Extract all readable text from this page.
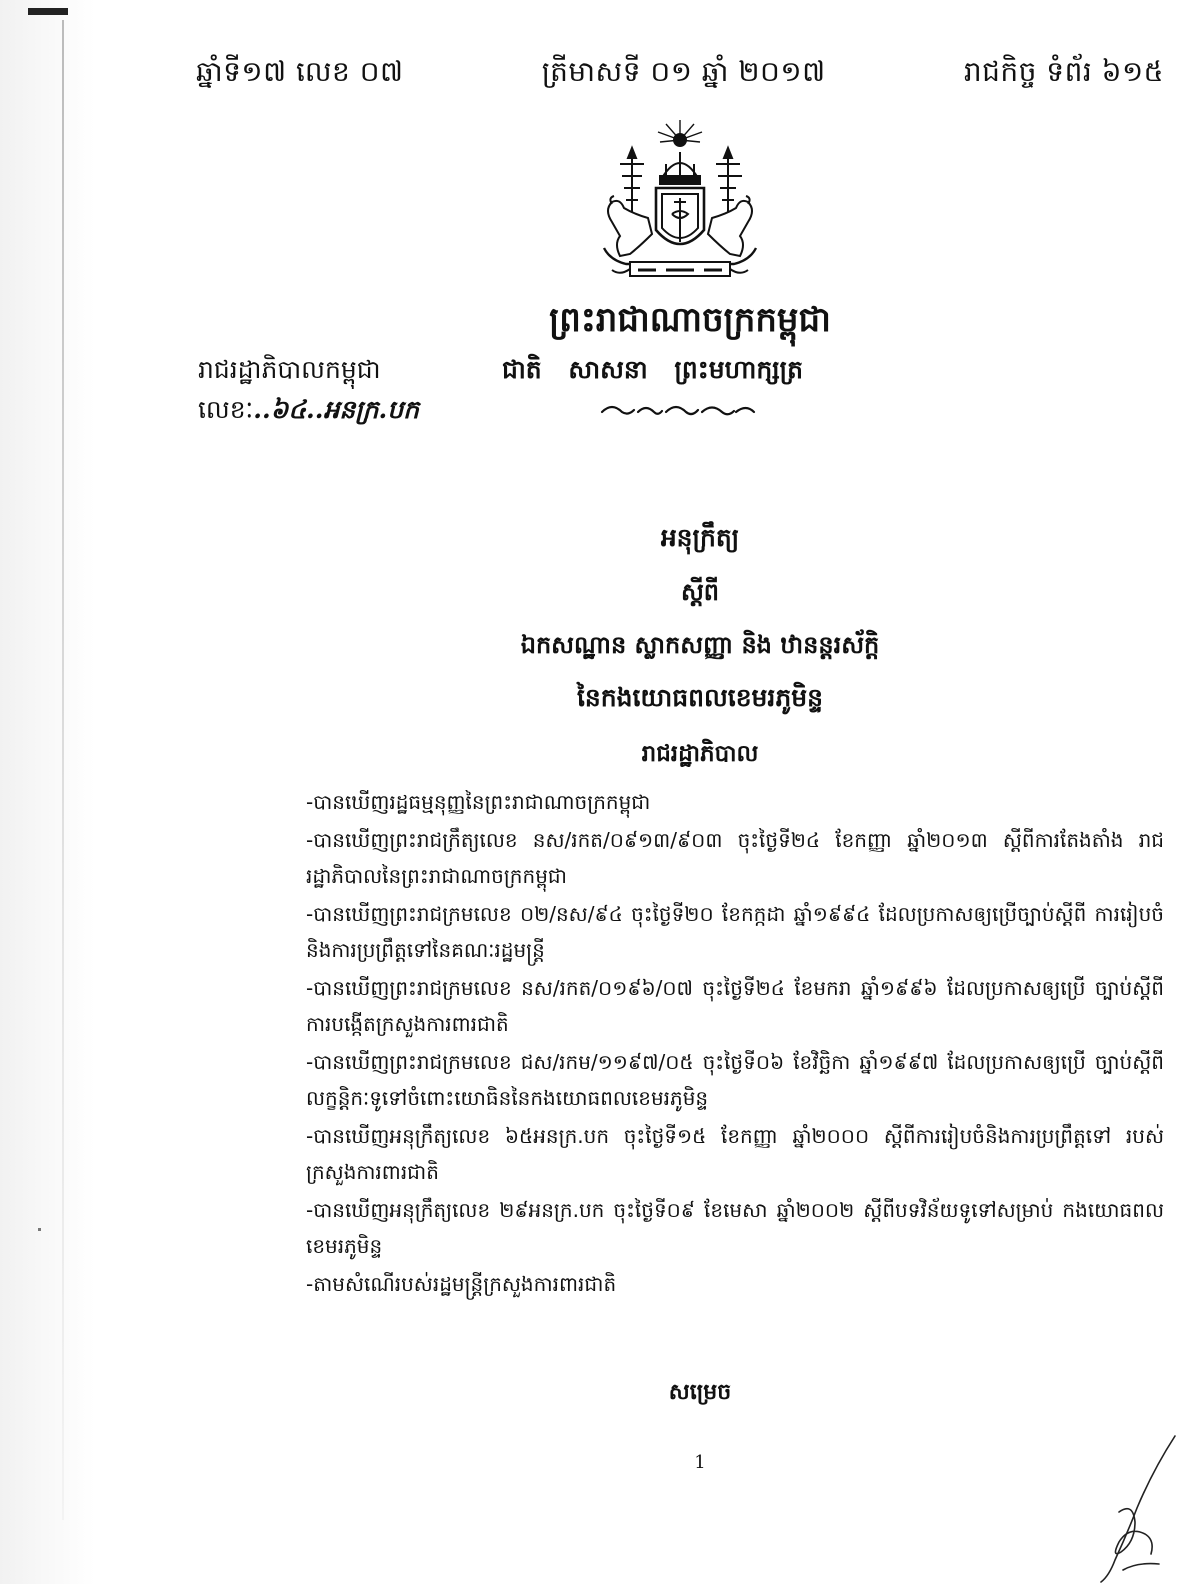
ឆ្នាំទី១៧ លេខ ០៧	ត្រីមាសទី ០១ ឆ្នាំ ២០១៧	រាជកិច្ច ទំព័រ ៦១៥
ព្រះរាជាណាចក្រកម្ពុជា
រាជរដ្ឋាភិបាលកម្ពុជា	ជាតិ សាសនា ព្រះមហាក្សត្រ
លេខៈ..៦៤..អនក្រ.បក
អនុក្រឹត្យ
ស្ដីពី
ឯកសណ្ឋាន ស្លាកសញ្ញា និង ឋានន្តរស័ក្ដិ
នៃកងយោធពលខេមរភូមិន្ទ
រាជរដ្ឋាភិបាល
-បានឃើញរដ្ឋធម្មនុញ្ញនៃព្រះរាជាណាចក្រកម្ពុជា
-បានឃើញព្រះរាជក្រឹត្យលេខ នស/រកត/០៩១៣/៩០៣ ចុះថ្ងៃទី២៤ ខែកញ្ញា ឆ្នាំ២០១៣ ស្ដីពីការតែងតាំង រាជរដ្ឋាភិបាលនៃព្រះរាជាណាចក្រកម្ពុជា
-បានឃើញព្រះរាជក្រមលេខ ០២/នស/៩៤ ចុះថ្ងៃទី២០ ខែកក្កដា ឆ្នាំ១៩៩៤ ដែលប្រកាសឲ្យប្រើច្បាប់ស្ដីពី ការរៀបចំនិងការប្រព្រឹត្តទៅនៃគណៈរដ្ឋមន្ត្រី
-បានឃើញព្រះរាជក្រមលេខ នស/រកត/០១៩៦/០៧ ចុះថ្ងៃទី២៤ ខែមករា ឆ្នាំ១៩៩៦ ដែលប្រកាសឲ្យប្រើ ច្បាប់ស្ដីពីការបង្កើតក្រសួងការពារជាតិ
-បានឃើញព្រះរាជក្រមលេខ ជស/រកម/១១៩៧/០៥ ចុះថ្ងៃទី០៦ ខែវិច្ឆិកា ឆ្នាំ១៩៩៧ ដែលប្រកាសឲ្យប្រើ ច្បាប់ស្ដីពីលក្ខន្តិកៈទូទៅចំពោះយោធិននៃកងយោធពលខេមរភូមិន្ទ
-បានឃើញអនុក្រឹត្យលេខ ៦៥អនក្រ.បក ចុះថ្ងៃទី១៥ ខែកញ្ញា ឆ្នាំ២០០០ ស្ដីពីការរៀបចំនិងការប្រព្រឹត្តទៅ របស់ក្រសួងការពារជាតិ
-បានឃើញអនុក្រឹត្យលេខ ២៩អនក្រ.បក ចុះថ្ងៃទី០៩ ខែមេសា ឆ្នាំ២០០២ ស្ដីពីបទវិន័យទូទៅសម្រាប់ កងយោធពលខេមរភូមិន្ទ
-តាមសំណើរបស់រដ្ឋមន្ត្រីក្រសួងការពារជាតិ
សម្រេច
1
